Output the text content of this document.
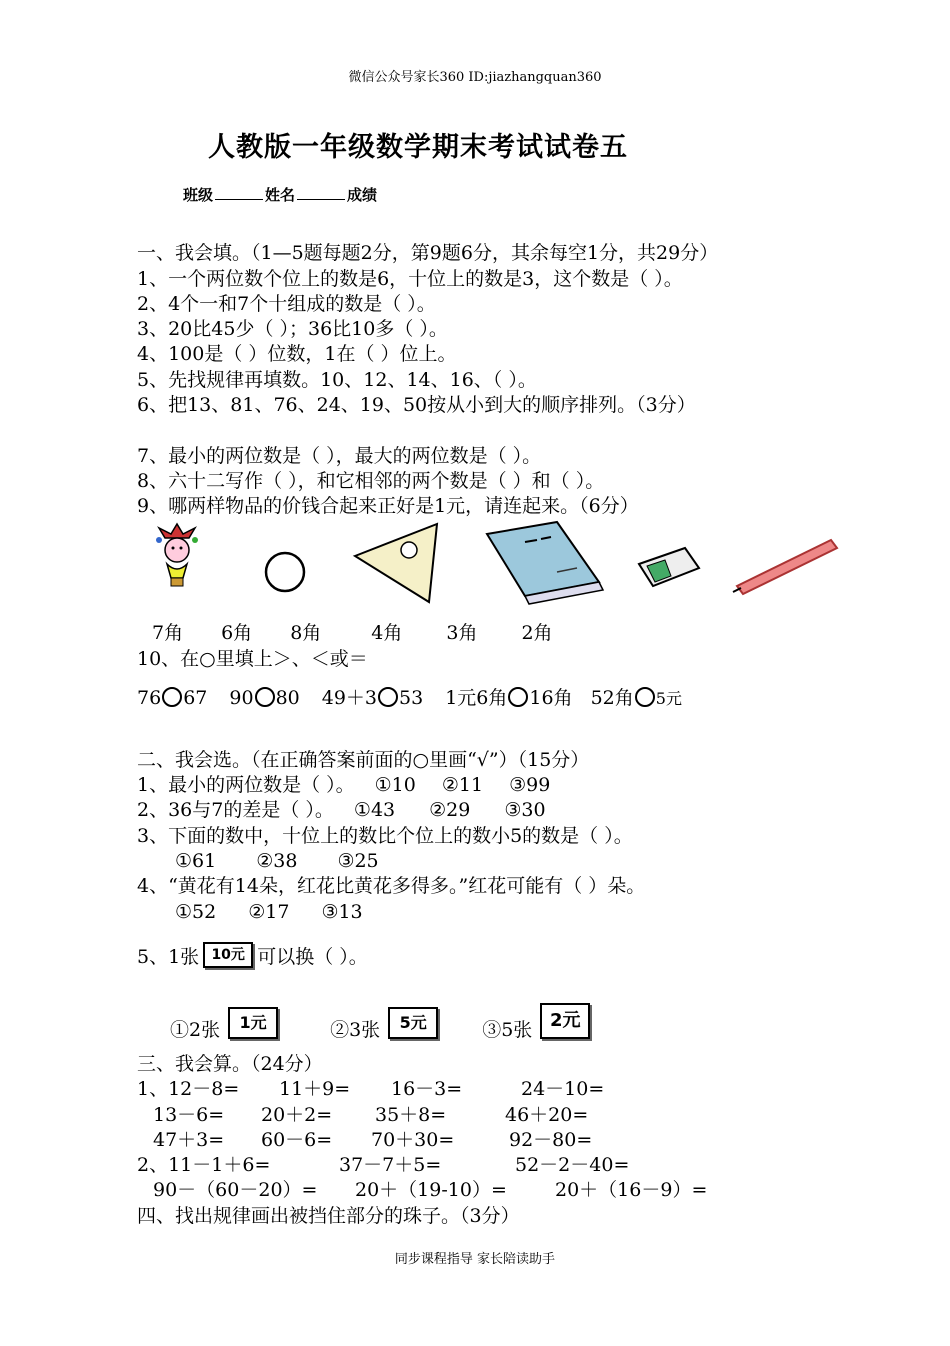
微信公众号家长360 ID:jiazhangquan360
人教版一年级数学期末考试试卷五
班级	姓名	成绩
一、我会填。（1—5题每题2分，第9题6分，其余每空1分，共29分）
1、一个两位数个位上的数是6，十位上的数是3，这个数是（ ）。
2、4个一和7个十组成的数是（ ）。
3、20比45少（ ）；36比10多（ ）。
4、100是（ ）位数，1在（ ）位上。
5、先找规律再填数。10、12、14、16、（ ）。
6、把13、81、76、24、19、50按从小到大的顺序排列。（3分）
7、最小的两位数是（ ），最大的两位数是（ ）。
8、六十二写作（ ），和它相邻的两个数是（ ）和（ ）。
9、哪两样物品的价钱合起来正好是1元，请连起来。（6分）
7角 6角 8角	4角 3角 2角
10、在○里填上＞、＜或＝
76 67 90 80 49＋3 53 1元6角 16角 52角 5元
二、我会选。（在正确答案前面的○里画“√”）（15分）
1、最小的两位数是（ ）。 ①10 ②11 ③99
2、36与7的差是（ ）。 ①43 ②29 ③30
3、下面的数中，十位上的数比个位上的数小5的数是（ ）。
①61 ②38 ③25
4、“黄花有14朵，红花比黄花多得多。”红花可能有（ ）朵。
①52 ②17 ③13
5、1张 10元 可以换（ ）。
①2张 1元	②3张 5元	③5张 2元
三、我会算。（24分）
1、12－8= 11＋9= 16－3=	24－10=
13－6= 20＋2= 35＋8=	46＋20=
47＋3= 60－6= 70＋30=	92－80=
2、11－1＋6=	37－7＋5=	52－2－40=
90－（60－20）= 20＋（19-10）=	20＋（16－9）=
四、找出规律画出被挡住部分的珠子。（3分）
同步课程指导 家长陪读助手
